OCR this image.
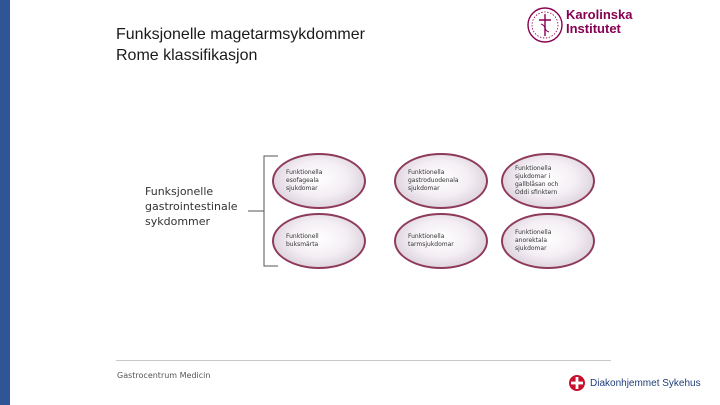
Funksjonelle magetarmsykdommer
Rome klassifikasjon
Karolinska
Institutet
Funksjonelle
gastrointestinale
sykdommer
Funktionella
esofageala
sjukdomar
Funktionella
gastroduodenala
sjukdomar
Funktionella
sjukdomar i
gallblåsan och
Oddi sfinktern
Funktionell
buksmärta
Funktionella
tarmsjukdomar
Funktionella
anorektala
sjukdomar
Gastrocentrum Medicin
Diakonhjemmet Sykehus
